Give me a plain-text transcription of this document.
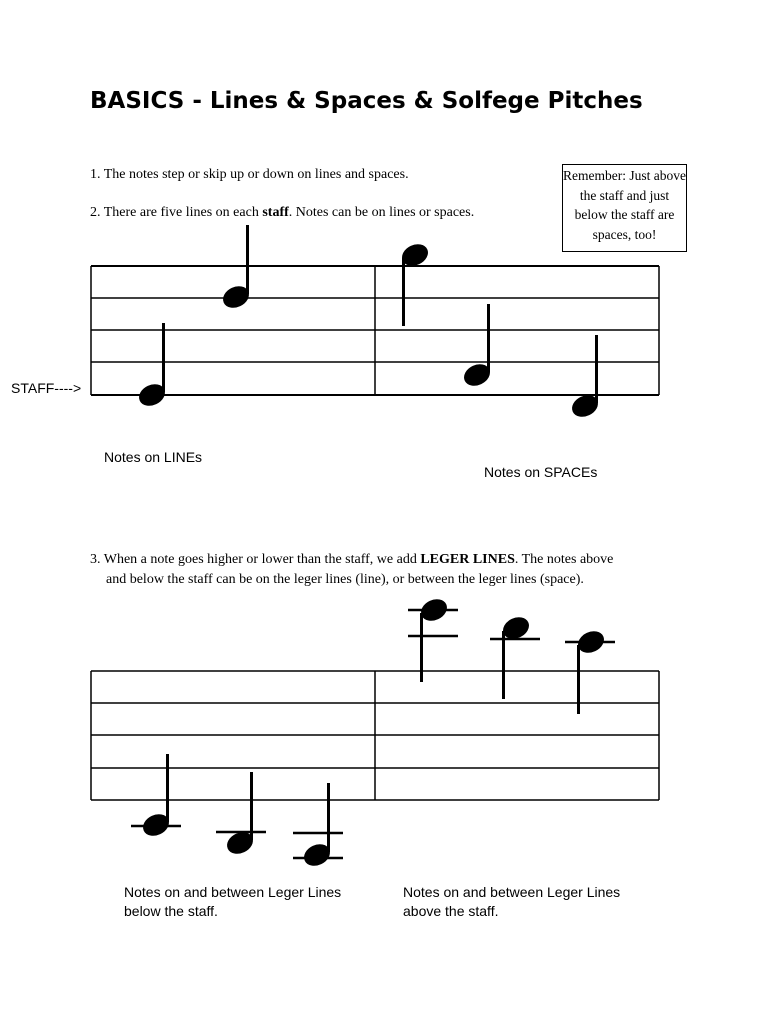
BASICS - Lines & Spaces & Solfege Pitches
1. The notes step or skip up or down on lines and spaces.
2. There are five lines on each staff. Notes can be on lines or spaces.
Remember: Just above the staff and just below the staff are spaces, too!
STAFF---->
Notes on LINEs
Notes on SPACEs
3. When a note goes higher or lower than the staff, we add LEGER LINES. The notes above
and below the staff can be on the leger lines (line), or between the leger lines (space).
Notes on and between Leger Lines below the staff.
Notes on and between Leger Lines above the staff.
